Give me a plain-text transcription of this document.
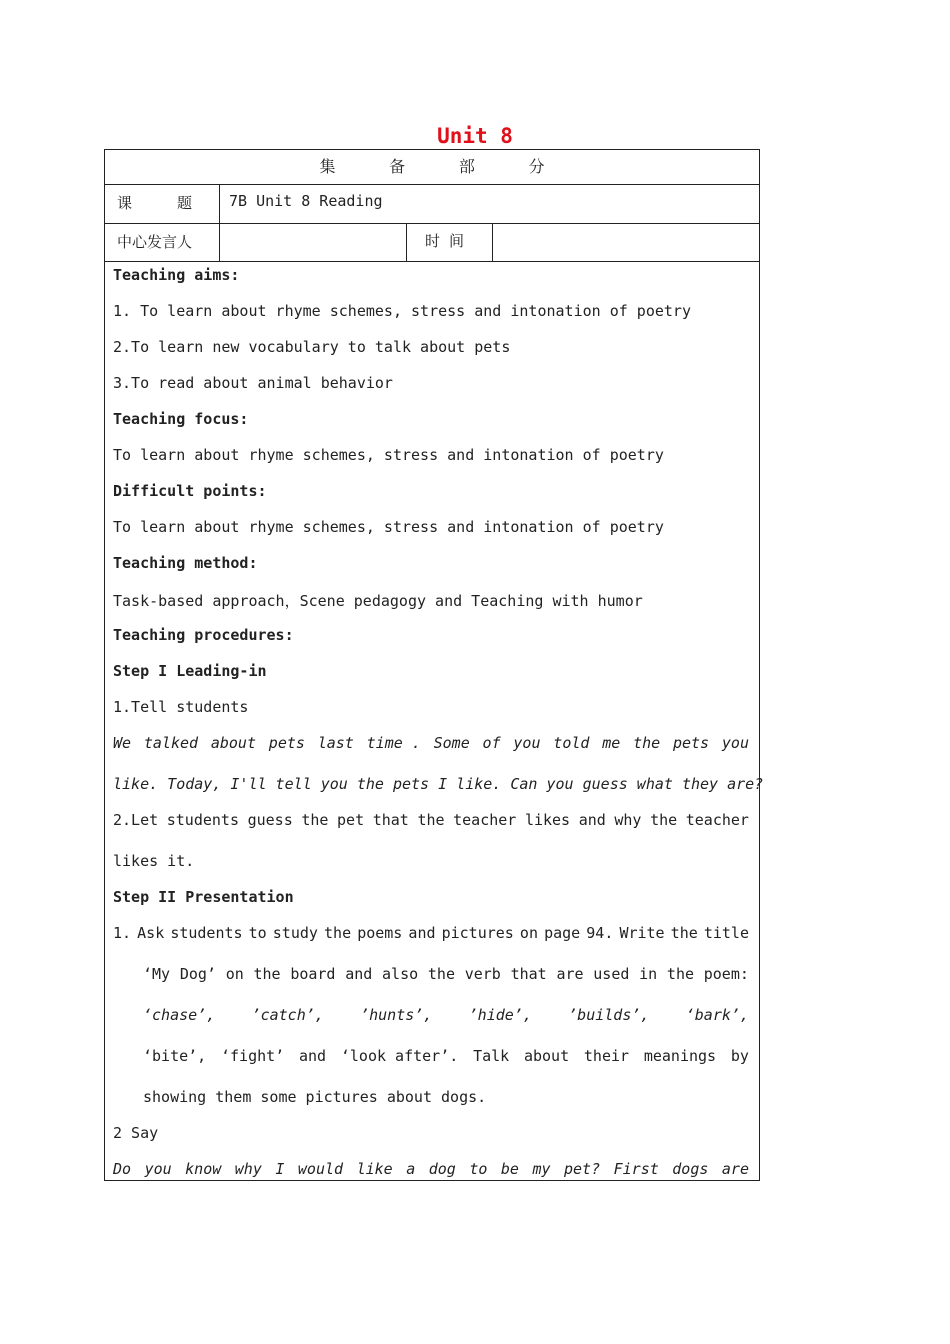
Unit 8
集	备	部	分
课　　　题 7B Unit 8 Reading
中心发言人	时 间
Teaching aims:
1. To learn about rhyme schemes, stress and intonation of poetry
2.To learn new vocabulary to talk about pets
3.To read about animal behavior
Teaching focus:
To learn about rhyme schemes, stress and intonation of poetry
Difficult points:
To learn about rhyme schemes, stress and intonation of poetry
Teaching method:
Task-based approach，Scene pedagogy and Teaching with humor
Teaching procedures:
Step I Leading-in
1.Tell students
We talked about pets last time . Some of you told me the pets you
like. Today, I'll tell you the pets I like. Can you guess what they are?
2.Let students guess the pet that the teacher likes and why the teacher
likes it.
Step II Presentation
1. Ask students to study the poems and pictures on page 94. Write the title
‘My Dog’ on the board and also the verb that are used in the poem:
‘chase’, ’catch’, ’hunts’, ’hide’, ’builds’, ‘bark’,
‘bite’, ‘fight’ and ‘look after’. Talk about their meanings by
showing them some pictures about dogs.
2 Say
Do you know why I would like a dog to be my pet? First dogs are
